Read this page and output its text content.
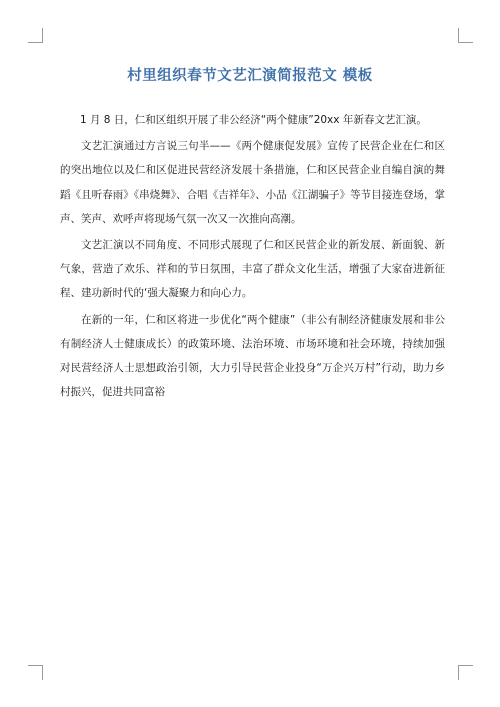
村里组织春节文艺汇演简报范文 模板

1 月 8 日，仁和区组织开展了非公经济“两个健康”20xx 年新春文艺汇演。

文艺汇演通过方言说三句半——《两个健康促发展》宣传了民营企业在仁和区的突出地位以及仁和区促进民营经济发展十条措施，仁和区民营企业自编自演的舞蹈《且听春雨》《串烧舞》、合唱《吉祥年》、小品《江湖骗子》等节目接连登场，掌声、笑声、欢呼声将现场气氛一次又一次推向高潮。

文艺汇演以不同角度、不同形式展现了仁和区民营企业的新发展、新面貌、新气象，营造了欢乐、祥和的节日氛围，丰富了群众文化生活，增强了大家奋进新征程、建功新时代的‘强大凝聚力和向心力。

在新的一年，仁和区将进一步优化“两个健康”（非公有制经济健康发展和非公有制经济人士健康成长）的政策环境、法治环境、市场环境和社会环境，持续加强对民营经济人士思想政治引领，大力引导民营企业投身“万企兴万村”行动，助力乡村振兴，促进共同富裕
